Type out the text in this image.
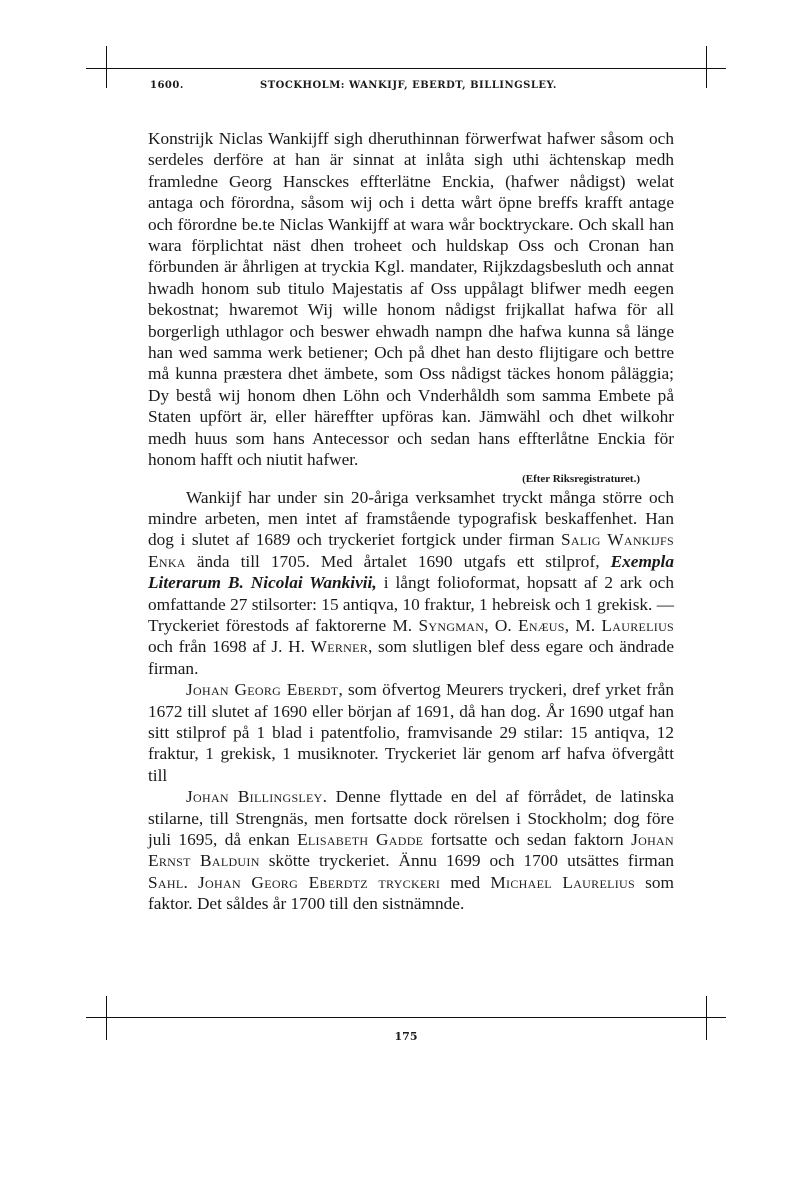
1600.	STOCKHOLM: WANKIJF, EBERDT, BILLINGSLEY.

Konstrijk Niclas Wankijff sigh dheruthinnan förwerfwat hafwer såsom och serdeles derföre at han är sinnat at inlåta sigh uthi ächtenskap medh framledne Georg Hansckes effterlätne Enckia, (hafwer nådigst) welat antaga och förordna, såsom wij och i detta wårt öpne breffs krafft antage och förordne be.te Niclas Wankijff at wara wår bocktryckare. Och skall han wara förplichtat näst dhen troheet och huldskap Oss och Cronan han förbunden är åhrligen at tryckia Kgl. mandater, Rijkzdagsbesluth och annat hwadh honom sub titulo Majestatis af Oss uppålagt blifwer medh eegen bekostnat; hwaremot Wij wille honom nådigst frijkallat hafwa för all borgerligh uthlagor och beswer ehwadh nampn dhe hafwa kunna så länge han wed samma werk betiener; Och på dhet han desto flijtigare och bettre må kunna præstera dhet ämbete, som Oss nådigst täckes honom påläggia; Dy bestå wij honom dhen Löhn och Vnderhåldh som samma Embete på Staten upfört är, eller häreffter upföras kan. Jämwähl och dhet wilkohr medh huus som hans Antecessor och sedan hans effterlåtne Enckia för honom hafft och niutit hafwer.

(Efter Riksregistraturet.)

Wankijf har under sin 20-åriga verksamhet tryckt många större och mindre arbeten, men intet af framstående typografisk beskaffenhet. Han dog i slutet af 1689 och tryckeriet fortgick under firman Salig Wankijfs Enka ända till 1705. Med årtalet 1690 utgafs ett stilprof, Exempla Literarum B. Nicolai Wankivii, i långt folioformat, hopsatt af 2 ark och omfattande 27 stilsorter: 15 antiqva, 10 fraktur, 1 hebreisk och 1 grekisk. — Tryckeriet förestods af faktorerne M. Syngman, O. Enæus, M. Laurelius och från 1698 af J. H. Werner, som slutligen blef dess egare och ändrade firman.

Johan Georg Eberdt, som öfvertog Meurers tryckeri, dref yrket från 1672 till slutet af 1690 eller början af 1691, då han dog. År 1690 utgaf han sitt stilprof på 1 blad i patentfolio, framvisande 29 stilar: 15 antiqva, 12 fraktur, 1 grekisk, 1 musiknoter. Tryckeriet lär genom arf hafva öfvergått till

Johan Billingsley. Denne flyttade en del af förrådet, de latinska stilarne, till Strengnäs, men fortsatte dock rörelsen i Stockholm; dog före juli 1695, då enkan Elisabeth Gadde fortsatte och sedan faktorn Johan Ernst Balduin skötte tryckeriet. Ännu 1699 och 1700 utsättes firman Sahl. Johan Georg Eberdtz tryckeri med Michael Laurelius som faktor. Det såldes år 1700 till den sistnämnde.

175
